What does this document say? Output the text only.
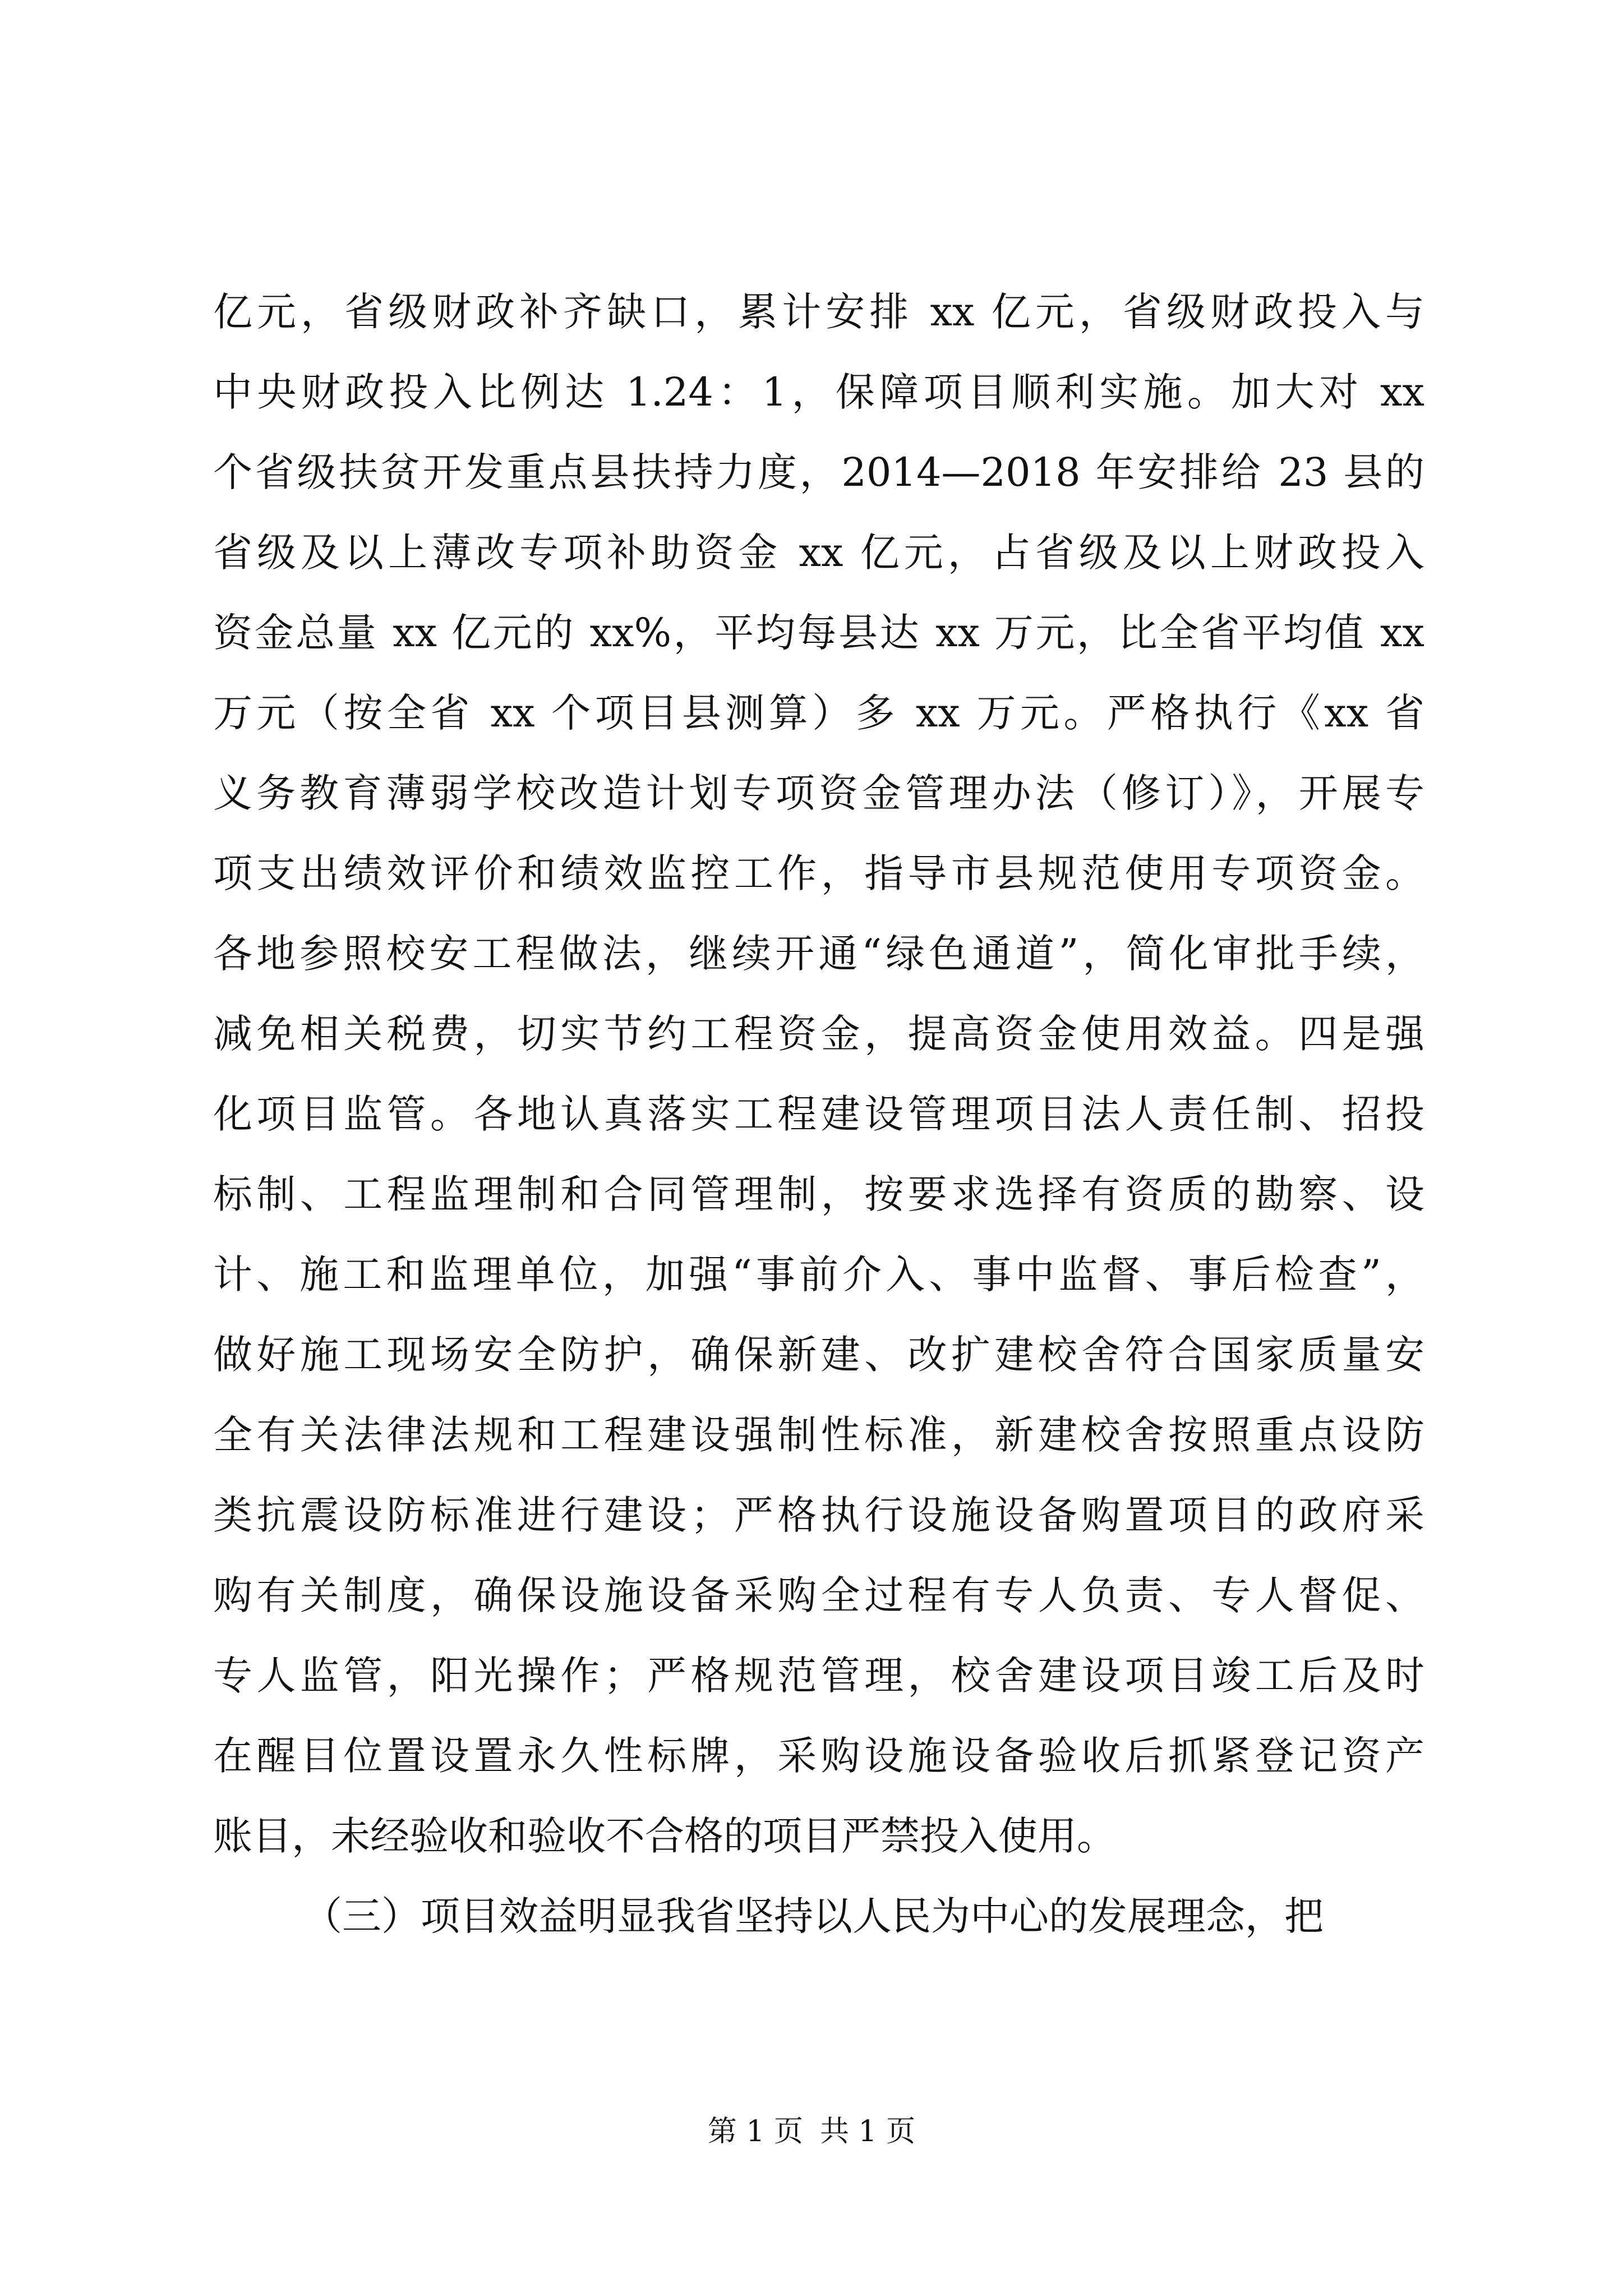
亿元，省级财政补齐缺口，累计安排 xx 亿元，省级财政投入与
中央财政投入比例达 1.24：1，保障项目顺利实施。加大对 xx
个省级扶贫开发重点县扶持力度，2014—2018 年安排给 23 县的
省级及以上薄改专项补助资金 xx 亿元，占省级及以上财政投入
资金总量 xx 亿元的 xx%，平均每县达 xx 万元，比全省平均值 xx
万元（按全省 xx 个项目县测算）多 xx 万元。严格执行《xx 省
义务教育薄弱学校改造计划专项资金管理办法（修订）》，开展专
项支出绩效评价和绩效监控工作，指导市县规范使用专项资金。
各地参照校安工程做法，继续开通“绿色通道”，简化审批手续，
减免相关税费，切实节约工程资金，提高资金使用效益。四是强
化项目监管。各地认真落实工程建设管理项目法人责任制、招投
标制、工程监理制和合同管理制，按要求选择有资质的勘察、设
计、施工和监理单位，加强“事前介入、事中监督、事后检查”，
做好施工现场安全防护，确保新建、改扩建校舍符合国家质量安
全有关法律法规和工程建设强制性标准，新建校舍按照重点设防
类抗震设防标准进行建设；严格执行设施设备购置项目的政府采
购有关制度，确保设施设备采购全过程有专人负责、专人督促、
专人监管，阳光操作；严格规范管理，校舍建设项目竣工后及时
在醒目位置设置永久性标牌，采购设施设备验收后抓紧登记资产
账目，未经验收和验收不合格的项目严禁投入使用。
（三）项目效益明显我省坚持以人民为中心的发展理念，把
第 1 页 共 1 页
